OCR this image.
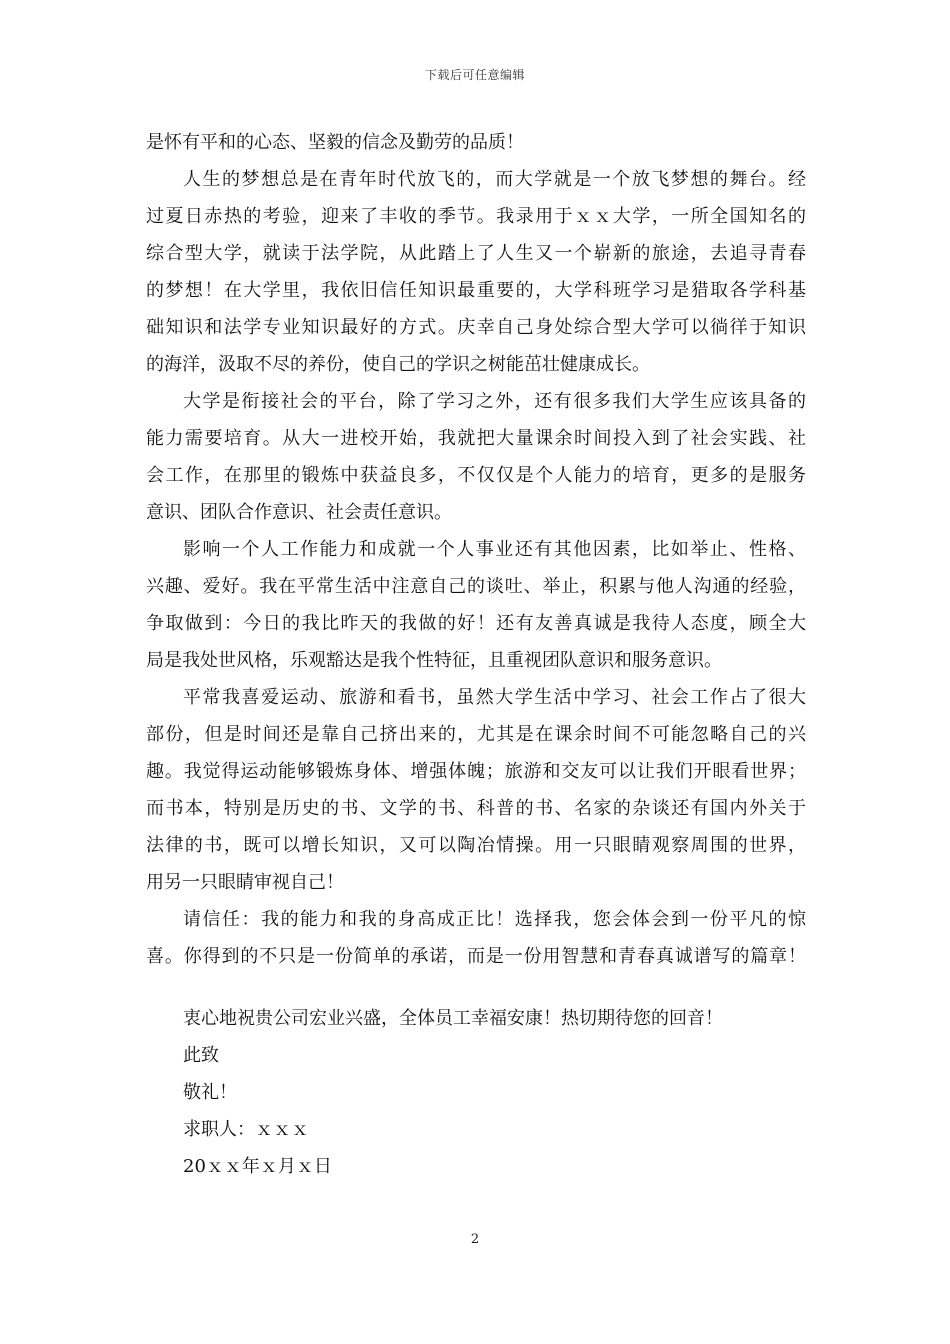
下载后可任意编辑
是怀有平和的心态、坚毅的信念及勤劳的品质！
人生的梦想总是在青年时代放飞的，而大学就是一个放飞梦想的舞台。经
过夏日赤热的考验，迎来了丰收的季节。我录用于ｘｘ大学，一所全国知名的
综合型大学，就读于法学院，从此踏上了人生又一个崭新的旅途，去追寻青春
的梦想！在大学里，我依旧信任知识最重要的，大学科班学习是猎取各学科基
础知识和法学专业知识最好的方式。庆幸自己身处综合型大学可以徜徉于知识
的海洋，汲取不尽的养份，使自己的学识之树能茁壮健康成长。
大学是衔接社会的平台，除了学习之外，还有很多我们大学生应该具备的
能力需要培育。从大一进校开始，我就把大量课余时间投入到了社会实践、社
会工作，在那里的锻炼中获益良多，不仅仅是个人能力的培育，更多的是服务
意识、团队合作意识、社会责任意识。
影响一个人工作能力和成就一个人事业还有其他因素，比如举止、性格、
兴趣、爱好。我在平常生活中注意自己的谈吐、举止，积累与他人沟通的经验，
争取做到：今日的我比昨天的我做的好！还有友善真诚是我待人态度，顾全大
局是我处世风格，乐观豁达是我个性特征，且重视团队意识和服务意识。
平常我喜爱运动、旅游和看书，虽然大学生活中学习、社会工作占了很大
部份，但是时间还是靠自己挤出来的，尤其是在课余时间不可能忽略自己的兴
趣。我觉得运动能够锻炼身体、增强体魄；旅游和交友可以让我们开眼看世界；
而书本，特别是历史的书、文学的书、科普的书、名家的杂谈还有国内外关于
法律的书，既可以增长知识，又可以陶冶情操。用一只眼睛观察周围的世界，
用另一只眼睛审视自己！
请信任：我的能力和我的身高成正比！选择我，您会体会到一份平凡的惊
喜。你得到的不只是一份简单的承诺，而是一份用智慧和青春真诚谱写的篇章！
衷心地祝贵公司宏业兴盛，全体员工幸福安康！热切期待您的回音！
此致
敬礼！
求职人：ｘｘｘ
20ｘｘ年ｘ月ｘ日
2
